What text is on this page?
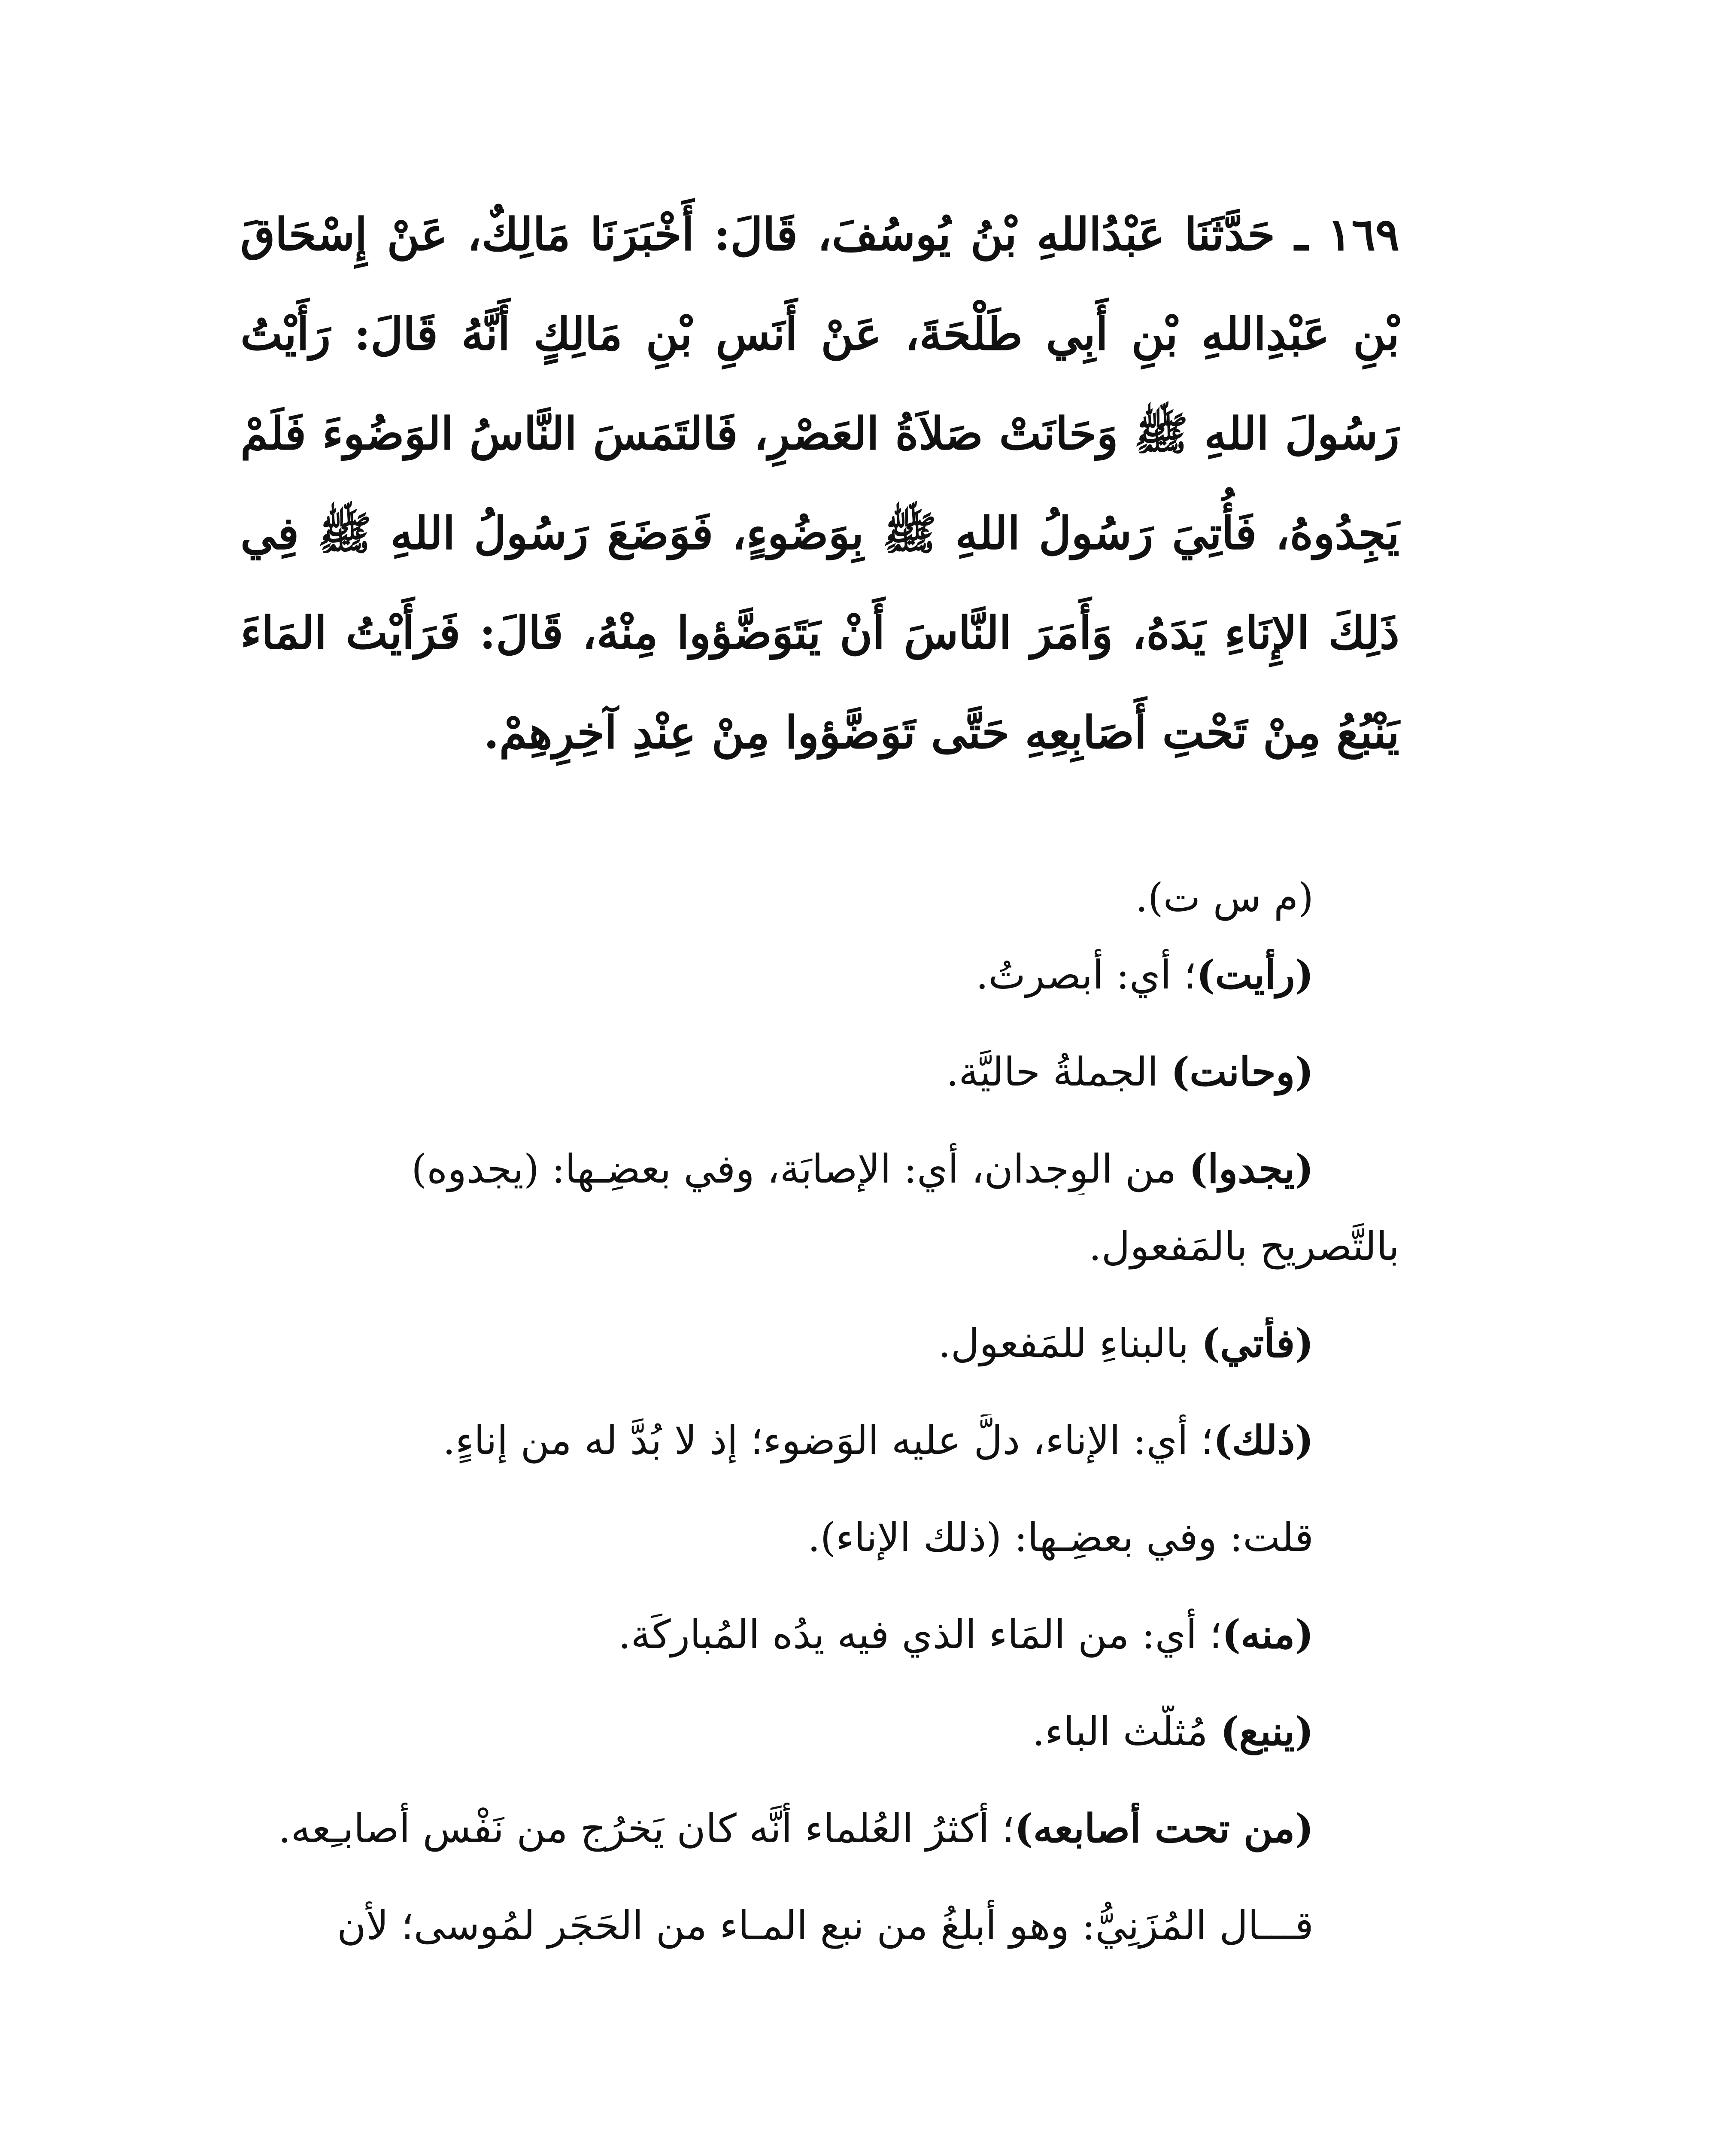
١٦٩ ـ حَدَّثَنَا عَبْدُاللهِ بْنُ يُوسُفَ، قَالَ: أَخْبَرَنَا مَالِكٌ، عَنْ إِسْحَاقَ بْنِ عَبْدِاللهِ بْنِ أَبِي طَلْحَةَ، عَنْ أَنَسِ بْنِ مَالِكٍ أَنَّهُ قَالَ: رَأَيْتُ رَسُولَ اللهِ ﷺ وَحَانَتْ صَلاَةُ العَصْرِ، فَالتَمَسَ النَّاسُ الوَضُوءَ فَلَمْ يَجِدُوهُ، فَأُتِيَ رَسُولُ اللهِ ﷺ بِوَضُوءٍ، فَوَضَعَ رَسُولُ اللهِ ﷺ فِي ذَلِكَ الإِنَاءِ يَدَهُ، وَأَمَرَ النَّاسَ أَنْ يَتَوَضَّؤوا مِنْهُ، قَالَ: فَرَأَيْتُ المَاءَ يَنْبُعُ مِنْ تَحْتِ أَصَابِعِهِ حَتَّى تَوَضَّؤوا مِنْ عِنْدِ آخِرِهِمْ.

(م س ت).
(رأيت)؛ أي: أبصرتُ.
(وحانت) الجملةُ حاليَّة.
(يجدوا) من الوِجدان، أي: الإصابَة، وفي بعضِـها: (يجدوه)
بالتَّصريحِ بالمَفعول.
(فأتي) بالبناءِ للمَفعول.
(ذلك)؛ أي: الإناء، دلَّ عليه الوَضوء؛ إذ لا بُدَّ له من إناءٍ.
قلت: وفي بعضِـها: (ذلك الإناء).
(منه)؛ أي: من المَاء الذي فيه يدُه المُباركَة.
(ينبع) مُثلَّث الباء.
(من تحت أصابعه)؛ أكثرُ العُلماء أنَّه كان يَخرُج من نَفْسِ أصابـِعه.
قـــال المُزَنِيُّ: وهو أبلغُ من نبعِ المـاء من الحَجَر لمُوسى؛ لأن
